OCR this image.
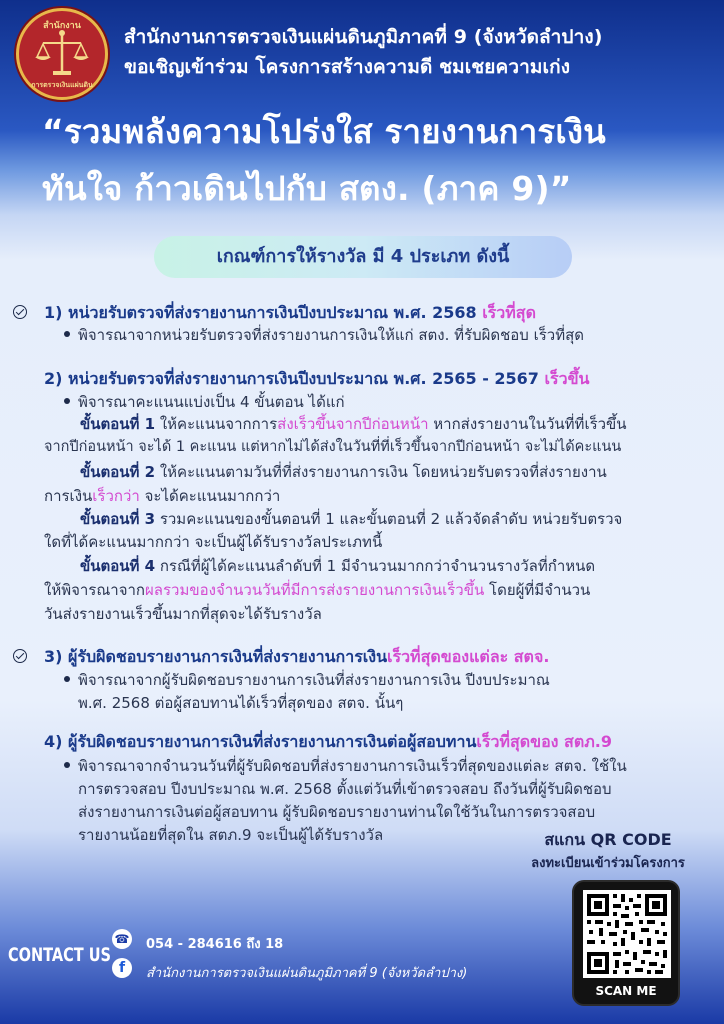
สำนักงาน
การตรวจเงินแผ่นดิน
สำนักงานการตรวจเงินแผ่นดินภูมิภาคที่ 9 (จังหวัดลำปาง)
ขอเชิญเข้าร่วม โครงการสร้างความดี ชมเชยความเก่ง
“รวมพลังความโปร่งใส รายงานการเงิน
ทันใจ ก้าวเดินไปกับ สตง. (ภาค 9)”
เกณฑ์การให้รางวัล มี 4 ประเภท ดังนี้
1) หน่วยรับตรวจที่ส่งรายงานการเงินปีงบประมาณ พ.ศ. 2568 เร็วที่สุด
พิจารณาจากหน่วยรับตรวจที่ส่งรายงานการเงินให้แก่ สตง. ที่รับผิดชอบ เร็วที่สุด
2) หน่วยรับตรวจที่ส่งรายงานการเงินปีงบประมาณ พ.ศ. 2565 - 2567 เร็วขึ้น
พิจารณาคะแนนแบ่งเป็น 4 ขั้นตอน ได้แก่
ขั้นตอนที่ 1 ให้คะแนนจากการส่งเร็วขึ้นจากปีก่อนหน้า หากส่งรายงานในวันที่ที่เร็วขึ้น
จากปีก่อนหน้า จะได้ 1 คะแนน แต่หากไม่ได้ส่งในวันที่ที่เร็วขึ้นจากปีก่อนหน้า จะไม่ได้คะแนน
ขั้นตอนที่ 2 ให้คะแนนตามวันที่ที่ส่งรายงานการเงิน โดยหน่วยรับตรวจที่ส่งรายงาน
การเงินเร็วกว่า จะได้คะแนนมากกว่า
ขั้นตอนที่ 3 รวมคะแนนของขั้นตอนที่ 1 และขั้นตอนที่ 2 แล้วจัดลำดับ หน่วยรับตรวจ
ใดที่ได้คะแนนมากกว่า จะเป็นผู้ได้รับรางวัลประเภทนี้
ขั้นตอนที่ 4 กรณีที่ผู้ได้คะแนนลำดับที่ 1 มีจำนวนมากกว่าจำนวนรางวัลที่กำหนด
ให้พิจารณาจากผลรวมของจำนวนวันที่มีการส่งรายงานการเงินเร็วขึ้น โดยผู้ที่มีจำนวน
วันส่งรายงานเร็วขึ้นมากที่สุดจะได้รับรางวัล
3) ผู้รับผิดชอบรายงานการเงินที่ส่งรายงานการเงินเร็วที่สุดของแต่ละ สตจ.
พิจารณาจากผู้รับผิดชอบรายงานการเงินที่ส่งรายงานการเงิน ปีงบประมาณ
พ.ศ. 2568 ต่อผู้สอบทานได้เร็วที่สุดของ สตจ. นั้นๆ
4) ผู้รับผิดชอบรายงานการเงินที่ส่งรายงานการเงินต่อผู้สอบทานเร็วที่สุดของ สตภ.9
พิจารณาจากจำนวนวันที่ผู้รับผิดชอบที่ส่งรายงานการเงินเร็วที่สุดของแต่ละ สตจ. ใช้ใน
การตรวจสอบ ปีงบประมาณ พ.ศ. 2568 ตั้งแต่วันที่เข้าตรวจสอบ ถึงวันที่ผู้รับผิดชอบ
ส่งรายงานการเงินต่อผู้สอบทาน ผู้รับผิดชอบรายงานท่านใดใช้วันในการตรวจสอบ
รายงานน้อยที่สุดใน สตภ.9 จะเป็นผู้ได้รับรางวัล	สแกน QR CODE
ลงทะเบียนเข้าร่วมโครงการ
SCAN ME
CONTACT US
☎ 054 - 284616 ถึง 18
f	สำนักงานการตรวจเงินแผ่นดินภูมิภาคที่ 9 (จังหวัดลำปาง)
